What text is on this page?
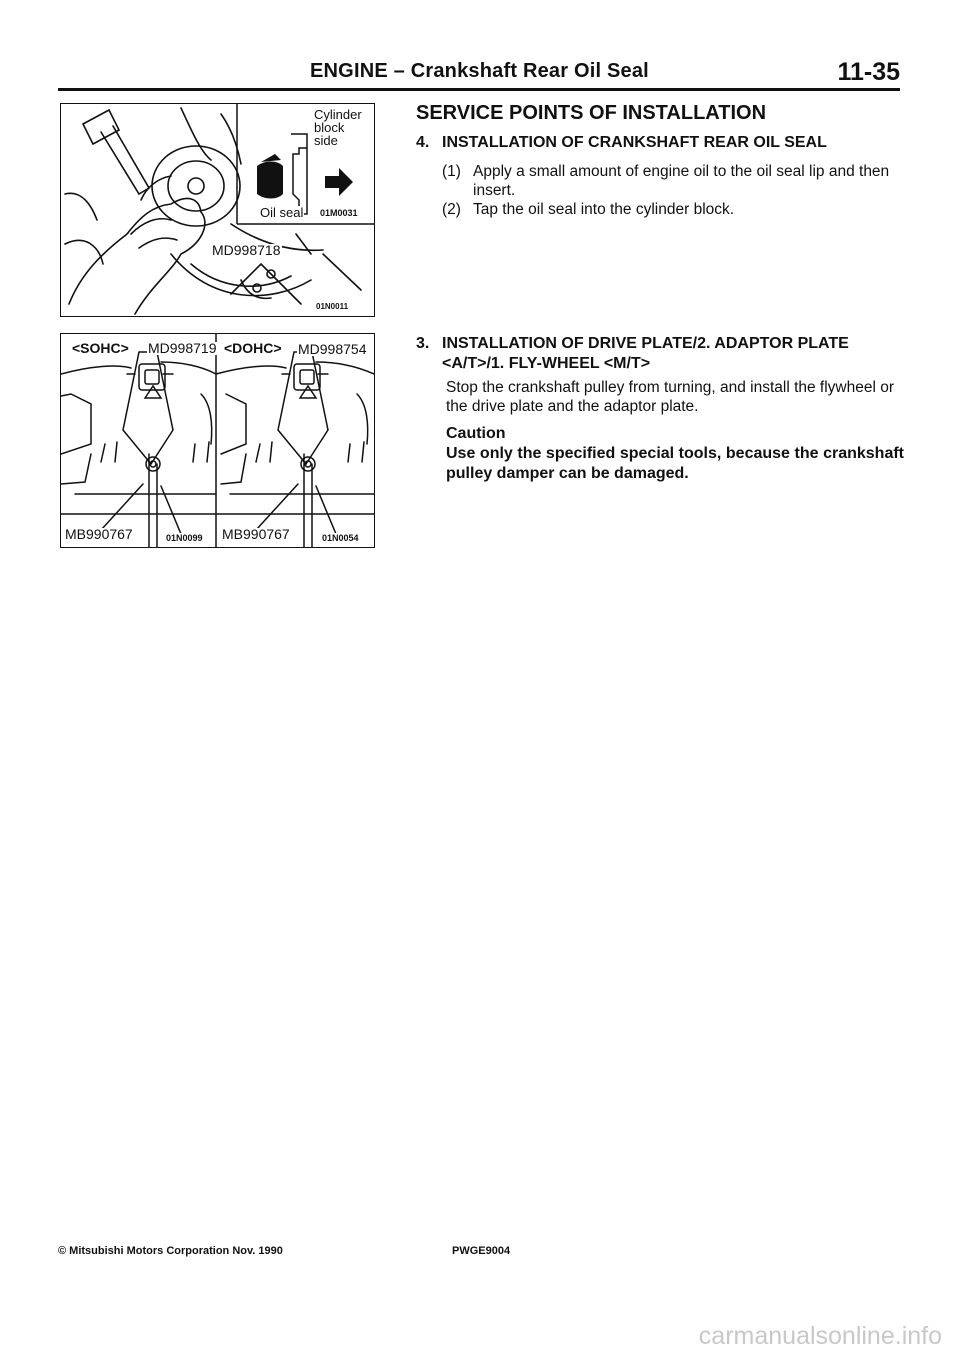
ENGINE – Crankshaft Rear Oil Seal	11-35
Cylinder
block
side
Oil seal 01M0031
MD998718
01N0011
<SOHC> MD998719 <DOHC> MD998754
MB990767	01N0099 MB990767	01N0054
SERVICE POINTS OF INSTALLATION
4. INSTALLATION OF CRANKSHAFT REAR OIL SEAL
(1) Apply a small amount of engine oil to the oil seal lip and then insert.
(2) Tap the oil seal into the cylinder block.
3. INSTALLATION OF DRIVE PLATE/2. ADAPTOR PLATE
<A/T>/1. FLY-WHEEL <M/T>
Stop the crankshaft pulley from turning, and install the flywheel or the drive plate and the adaptor plate.
Caution
Use only the specified special tools, because the crankshaft pulley damper can be damaged.
© Mitsubishi Motors Corporation Nov. 1990	PWGE9004
carmanualsonline.info
